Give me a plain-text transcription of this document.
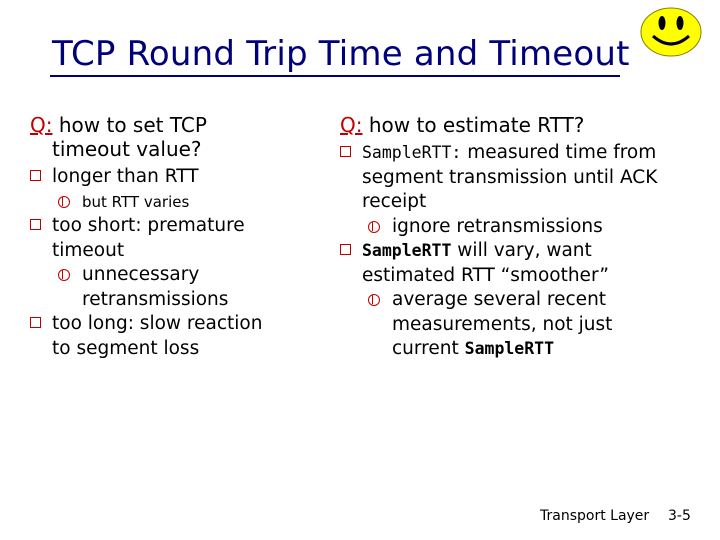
TCP Round Trip Time and Timeout
Q: how to set TCP
timeout value?
longer than RTT
but RTT varies
too short: premature
timeout
unnecessary
retransmissions
too long: slow reaction
to segment loss
Q: how to estimate RTT?
SampleRTT: measured time from
segment transmission until ACK
receipt
ignore retransmissions
SampleRTT will vary, want
estimated RTT “smoother”
average several recent
measurements, not just
current SampleRTT
Transport Layer 3-5
